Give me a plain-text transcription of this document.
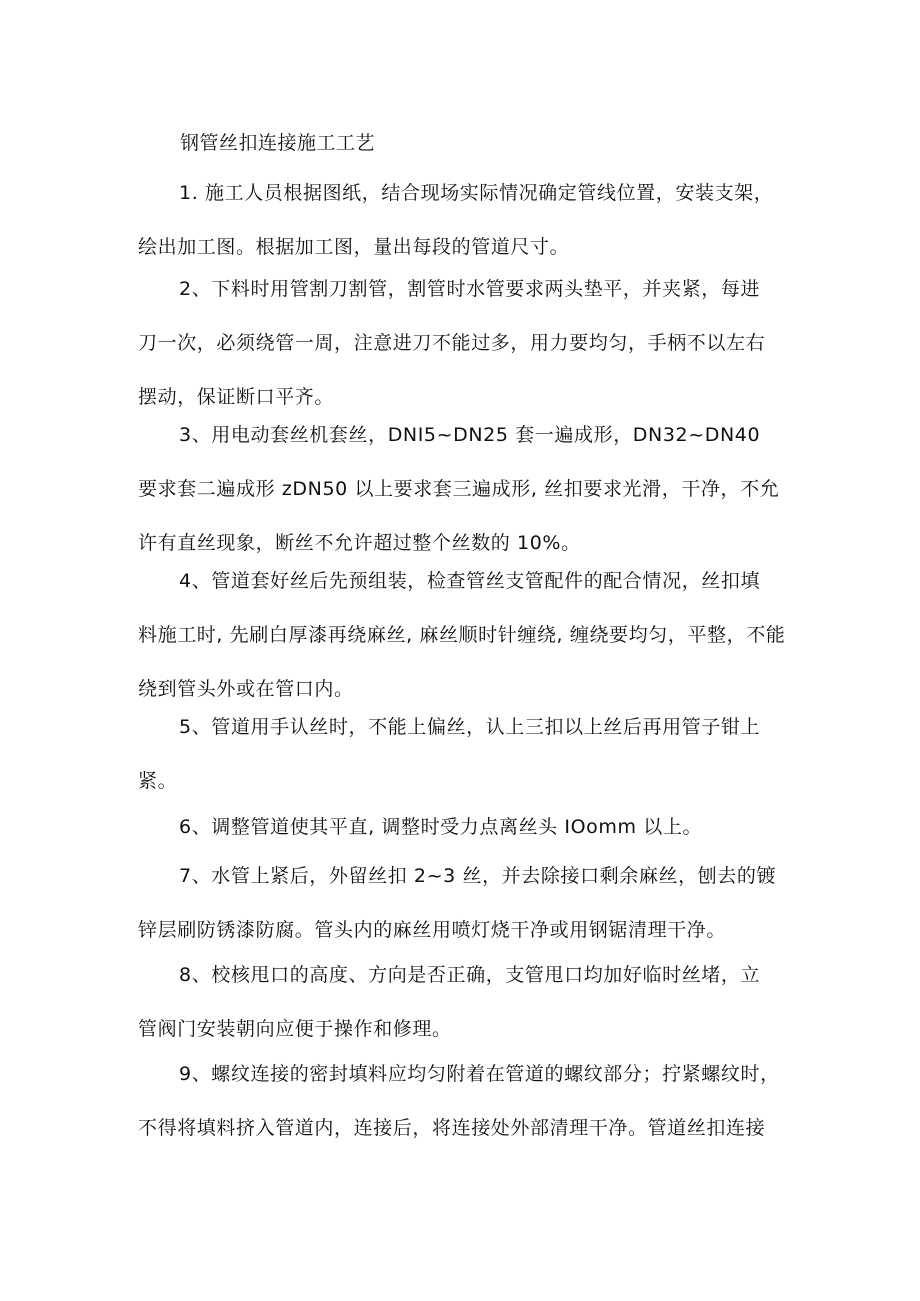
钢管丝扣连接施工工艺
1. 施工人员根据图纸，结合现场实际情况确定管线位置，安装支架，
绘出加工图。根据加工图，量出每段的管道尺寸。
2、下料时用管割刀割管，割管时水管要求两头垫平，并夹紧，每进
刀一次，必须绕管一周，注意进刀不能过多，用力要均匀，手柄不以左右
摆动，保证断口平齐。
3、用电动套丝机套丝，DNI5~DN25 套一遍成形，DN32~DN40
要求套二遍成形 zDN50 以上要求套三遍成形, 丝扣要求光滑，干净，不允
许有直丝现象，断丝不允许超过整个丝数的 10%。
4、管道套好丝后先预组装，检查管丝支管配件的配合情况，丝扣填
料施工时, 先刷白厚漆再绕麻丝, 麻丝顺时针缠绕, 缠绕要均匀，平整，不能
绕到管头外或在管口内。
5、管道用手认丝时，不能上偏丝，认上三扣以上丝后再用管子钳上
紧。
6、调整管道使其平直, 调整时受力点离丝头 IOomm 以上。
7、水管上紧后，外留丝扣 2~3 丝，并去除接口剩余麻丝，刨去的镀
锌层刷防锈漆防腐。管头内的麻丝用喷灯烧干净或用钢锯清理干净。
8、校核甩口的高度、方向是否正确，支管甩口均加好临时丝堵，立
管阀门安装朝向应便于操作和修理。
9、螺纹连接的密封填料应均匀附着在管道的螺纹部分；拧紧螺纹时，
不得将填料挤入管道内，连接后，将连接处外部清理干净。管道丝扣连接
